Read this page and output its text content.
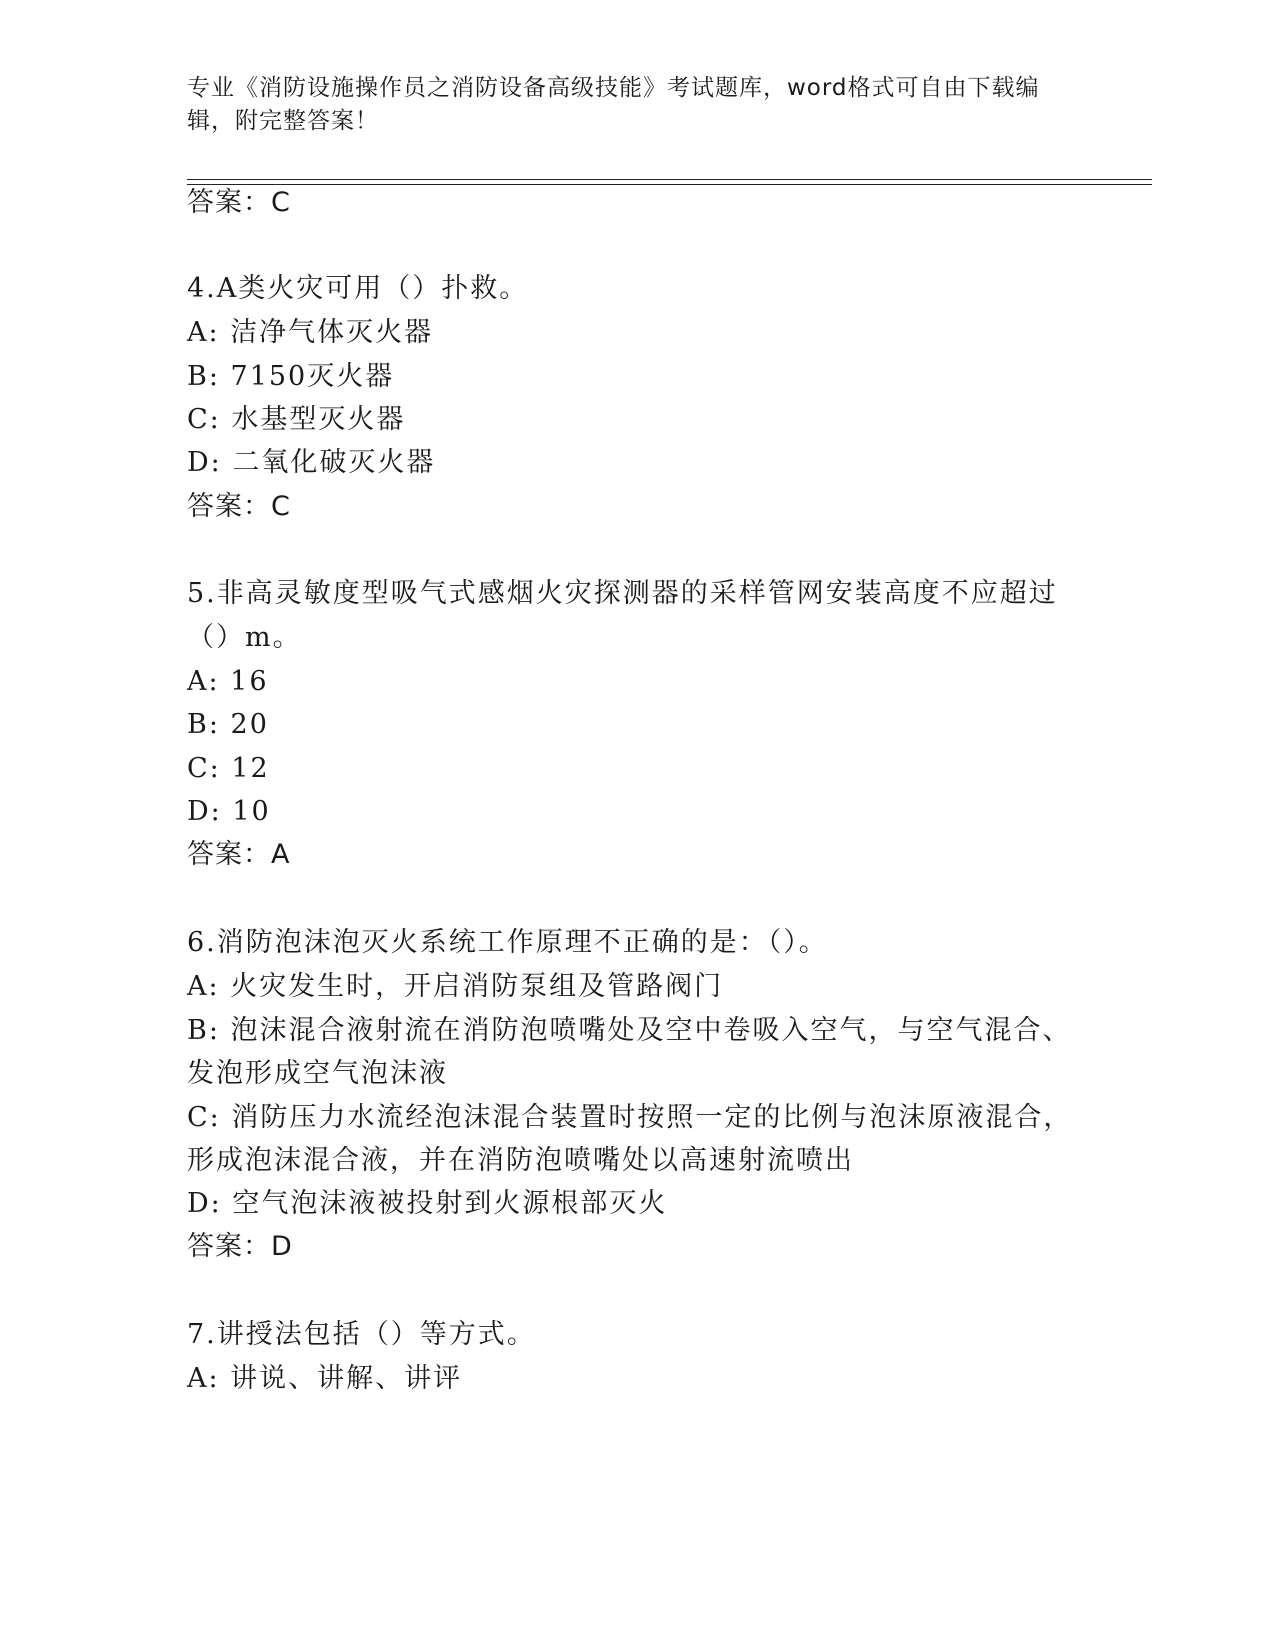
专业《消防设施操作员之消防设备高级技能》考试题库，word格式可自由下载编
辑，附完整答案！
答案：C
4.A类火灾可用（）扑救。
A: 洁净气体灭火器
B: 7150灭火器
C: 水基型灭火器
D: 二氧化破灭火器
答案：C
5.非高灵敏度型吸气式感烟火灾探测器的采样管网安装高度不应超过
（）m。
A: 16
B: 20
C: 12
D: 10
答案：A
6.消防泡沫泡灭火系统工作原理不正确的是：（）。
A: 火灾发生时，开启消防泵组及管路阀门
B: 泡沫混合液射流在消防泡喷嘴处及空中卷吸入空气，与空气混合、
发泡形成空气泡沫液
C: 消防压力水流经泡沫混合装置时按照一定的比例与泡沫原液混合，
形成泡沫混合液，并在消防泡喷嘴处以高速射流喷出
D: 空气泡沫液被投射到火源根部灭火
答案：D
7.讲授法包括（）等方式。
A: 讲说、讲解、讲评
